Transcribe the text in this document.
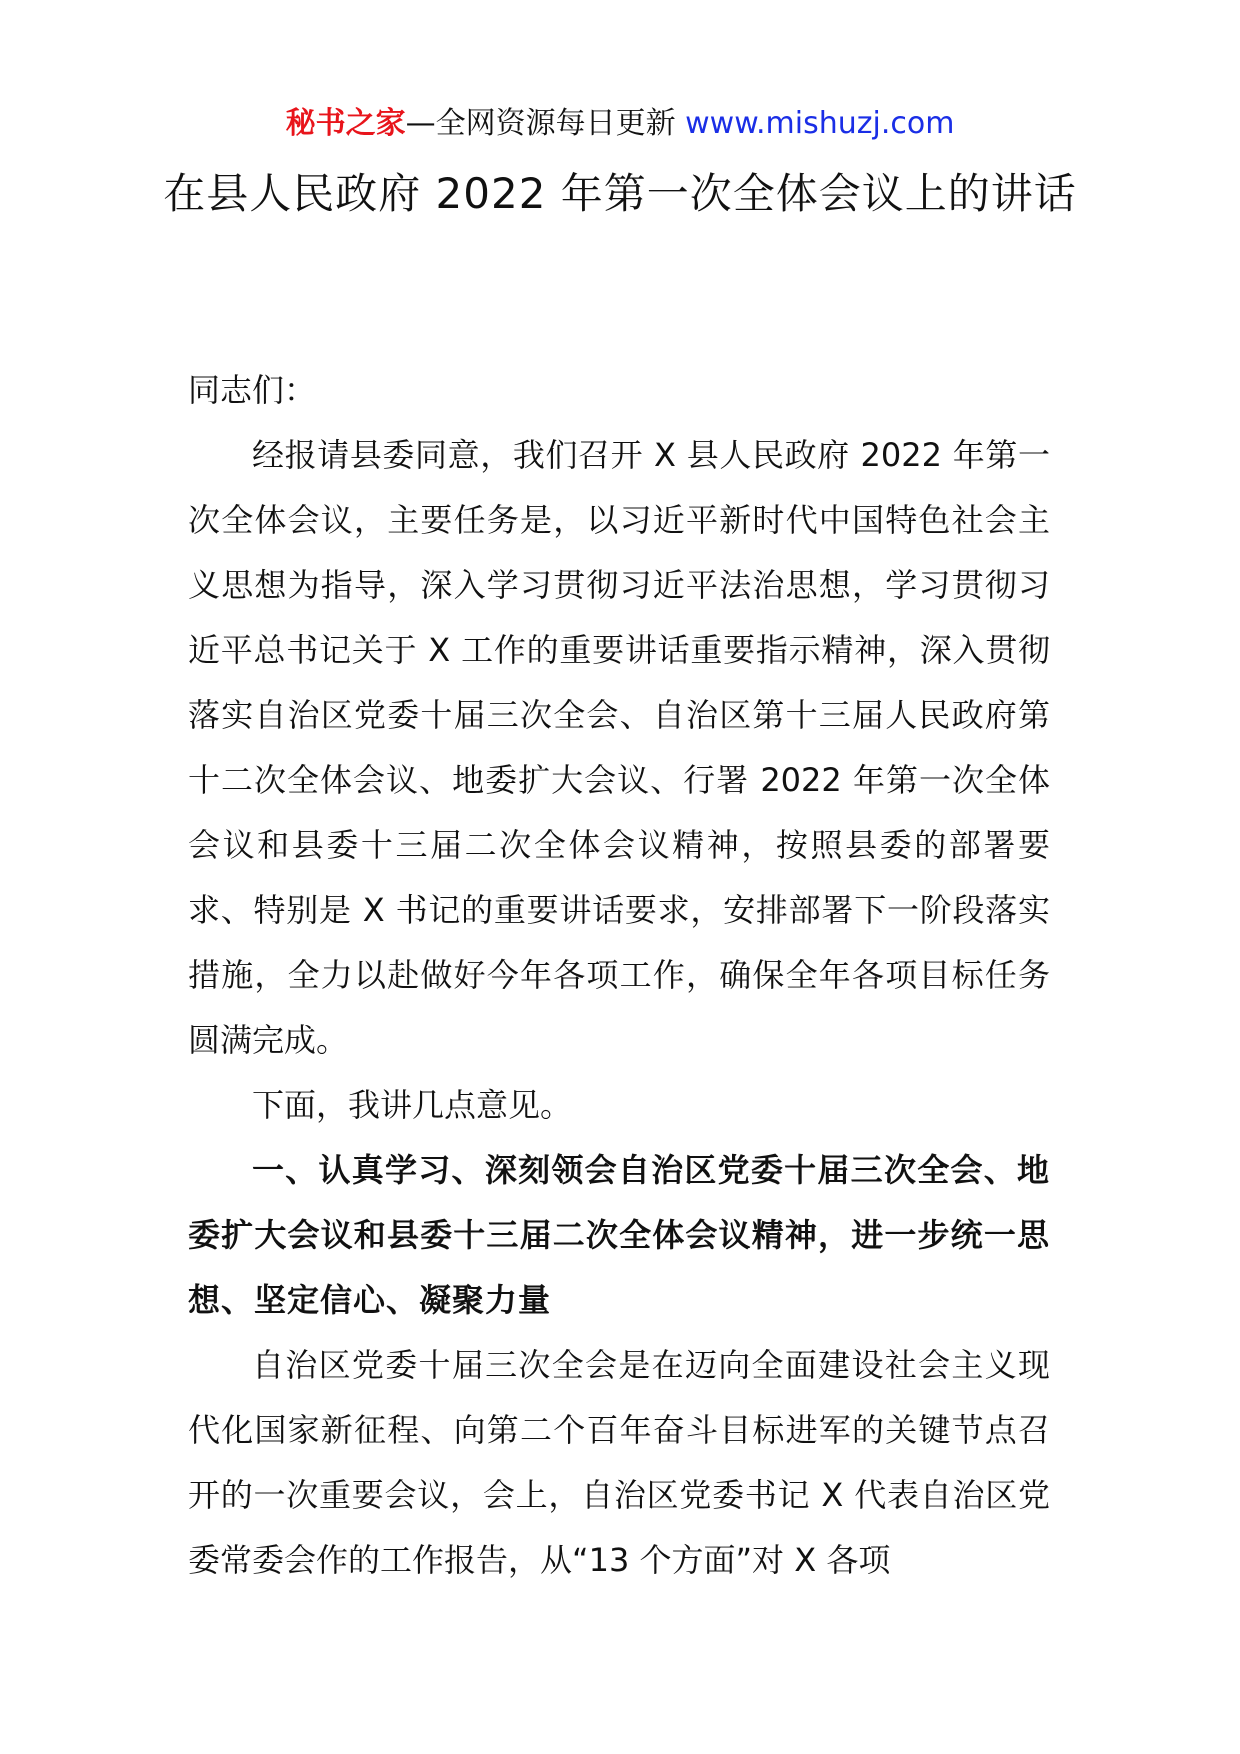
秘书之家—全网资源每日更新 www.mishuzj.com
在县人民政府 2022 年第一次全体会议上的讲话

同志们：

经报请县委同意，我们召开 X 县人民政府 2022 年第一次全体会议，主要任务是，以习近平新时代中国特色社会主义思想为指导，深入学习贯彻习近平法治思想，学习贯彻习近平总书记关于 X 工作的重要讲话重要指示精神，深入贯彻落实自治区党委十届三次全会、自治区第十三届人民政府第十二次全体会议、地委扩大会议、行署 2022 年第一次全体会议和县委十三届二次全体会议精神，按照县委的部署要求、特别是 X 书记的重要讲话要求，安排部署下一阶段落实措施，全力以赴做好今年各项工作，确保全年各项目标任务圆满完成。

下面，我讲几点意见。

一、认真学习、深刻领会自治区党委十届三次全会、地委扩大会议和县委十三届二次全体会议精神，进一步统一思想、坚定信心、凝聚力量

自治区党委十届三次全会是在迈向全面建设社会主义现代化国家新征程、向第二个百年奋斗目标进军的关键节点召开的一次重要会议，会上，自治区党委书记 X 代表自治区党委常委会作的工作报告，从“13 个方面”对 X 各项
